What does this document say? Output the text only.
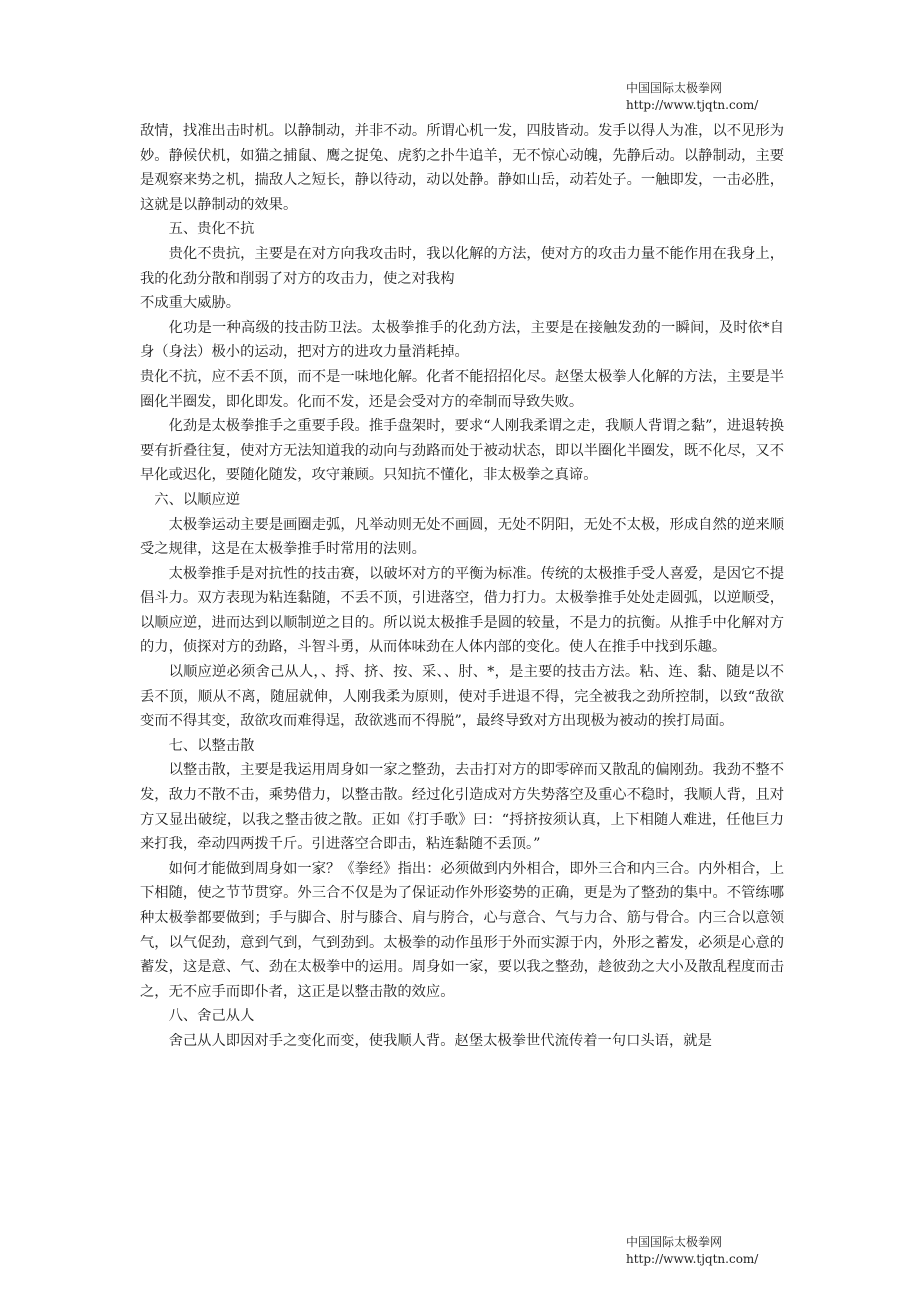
中国国际太极拳网
http://www.tjqtn.com/

敌情，找准出击时机。以静制动，并非不动。所谓心机一发，四肢皆动。发手以得人为准，以不见形为妙。静候伏机，如猫之捕鼠、鹰之捉兔、虎豹之扑牛追羊，无不惊心动魄，先静后动。以静制动，主要是观察来势之机，揣敌人之短长，静以待动，动以处静。静如山岳，动若处子。一触即发，一击必胜，这就是以静制动的效果。

五、贵化不抗

贵化不贵抗，主要是在对方向我攻击时，我以化解的方法，使对方的攻击力量不能作用在我身上，我的化劲分散和削弱了对方的攻击力，使之对我构

不成重大威胁。

化功是一种高级的技击防卫法。太极拳推手的化劲方法，主要是在接触发劲的一瞬间，及时依*自身（身法）极小的运动，把对方的进攻力量消耗掉。

贵化不抗，应不丢不顶，而不是一味地化解。化者不能招招化尽。赵堡太极拳人化解的方法，主要是半圈化半圈发，即化即发。化而不发，还是会受对方的牵制而导致失败。

化劲是太极拳推手之重要手段。推手盘架时，要求“人刚我柔谓之走，我顺人背谓之黏”，进退转换要有折叠往复，使对方无法知道我的动向与劲路而处于被动状态，即以半圈化半圈发，既不化尽，又不早化或迟化，要随化随发，攻守兼顾。只知抗不懂化，非太极拳之真谛。

六、以顺应逆

太极拳运动主要是画圈走弧，凡举动则无处不画圆，无处不阴阳，无处不太极，形成自然的逆来顺受之规律，这是在太极拳推手时常用的法则。

太极拳推手是对抗性的技击赛，以破坏对方的平衡为标准。传统的太极推手受人喜爱，是因它不提倡斗力。双方表现为粘连黏随，不丢不顶，引进落空，借力打力。太极拳推手处处走圆弧，以逆顺受，以顺应逆，进而达到以顺制逆之目的。所以说太极推手是圆的较量，不是力的抗衡。从推手中化解对方的力，侦探对方的劲路，斗智斗勇，从而体味劲在人体内部的变化。使人在推手中找到乐趣。

以顺应逆必须舍己从人，、捋、挤、按、采、、肘、*，是主要的技击方法。粘、连、黏、随是以不丢不顶，顺从不离，随屈就伸，人刚我柔为原则，使对手进退不得，完全被我之劲所控制，以致“敌欲变而不得其变，敌欲攻而难得逞，敌欲逃而不得脱”，最终导致对方出现极为被动的挨打局面。

七、以整击散

以整击散，主要是我运用周身如一家之整劲，去击打对方的即零碎而又散乱的偏刚劲。我劲不整不发，敌力不散不击，乘势借力，以整击散。经过化引造成对方失势落空及重心不稳时，我顺人背，且对方又显出破绽，以我之整击彼之散。正如《打手歌》曰：“捋挤按须认真，上下相随人难进，任他巨力来打我，牵动四两拨千斤。引进落空合即击，粘连黏随不丢顶。”

如何才能做到周身如一家？《拳经》指出：必须做到内外相合，即外三合和内三合。内外相合，上下相随，使之节节贯穿。外三合不仅是为了保证动作外形姿势的正确，更是为了整劲的集中。不管练哪种太极拳都要做到；手与脚合、肘与膝合、肩与胯合，心与意合、气与力合、筋与骨合。内三合以意领气，以气促劲，意到气到，气到劲到。太极拳的动作虽形于外而实源于内，外形之蓄发，必须是心意的蓄发，这是意、气、劲在太极拳中的运用。周身如一家，要以我之整劲，趁彼劲之大小及散乱程度而击之，无不应手而即仆者，这正是以整击散的效应。

八、舍己从人

舍己从人即因对手之变化而变，使我顺人背。赵堡太极拳世代流传着一句口头语，就是

中国国际太极拳网
http://www.tjqtn.com/
